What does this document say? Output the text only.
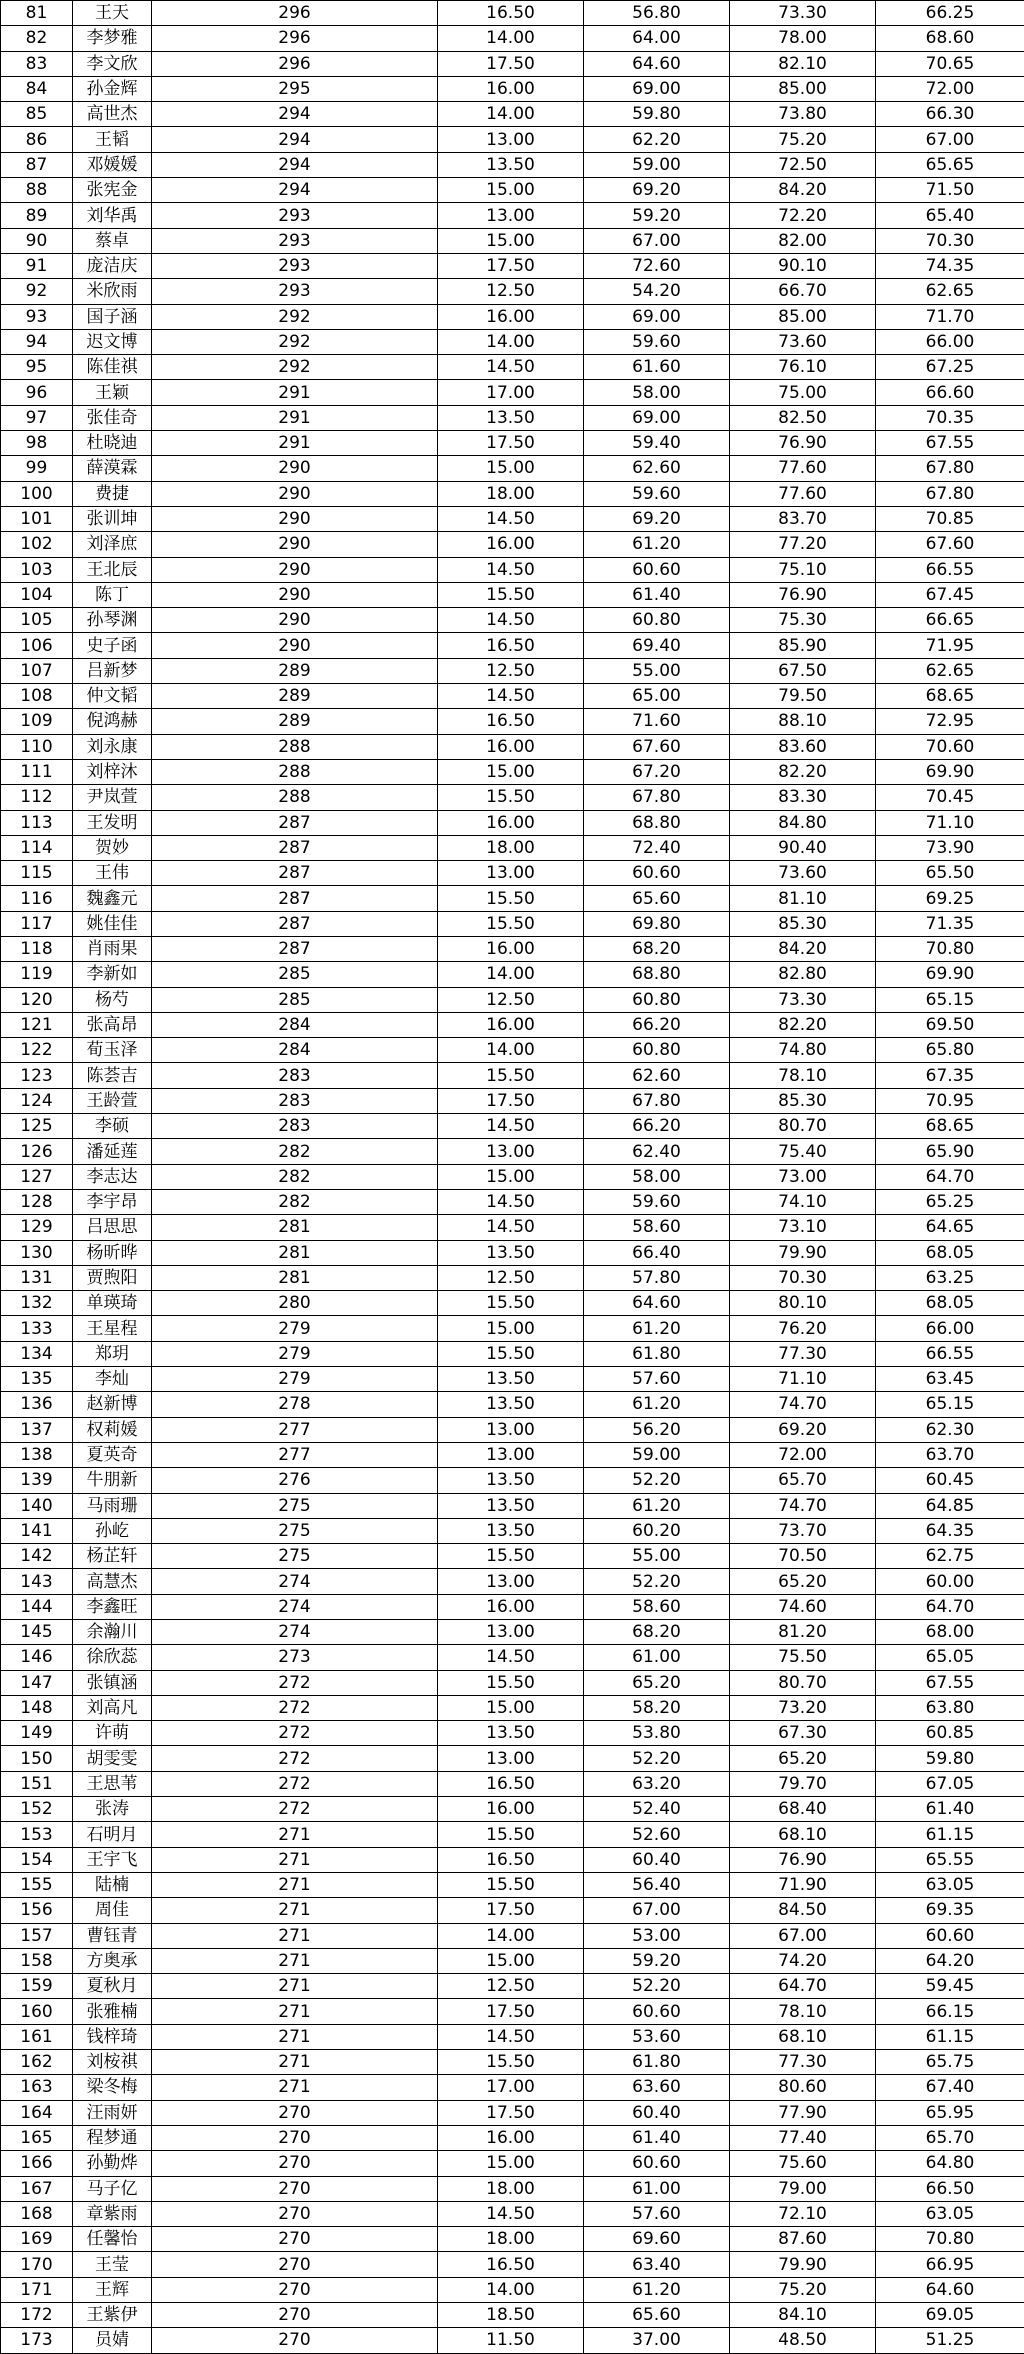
81	王天	296	16.50	56.80	73.30	66.25
82	李梦雅	296	14.00	64.00	78.00	68.60
83	李文欣	296	17.50	64.60	82.10	70.65
84	孙金辉	295	16.00	69.00	85.00	72.00
85	高世杰	294	14.00	59.80	73.80	66.30
86	王韬	294	13.00	62.20	75.20	67.00
87	邓媛媛	294	13.50	59.00	72.50	65.65
88	张宪金	294	15.00	69.20	84.20	71.50
89	刘华禹	293	13.00	59.20	72.20	65.40
90	蔡卓	293	15.00	67.00	82.00	70.30
91	庞洁庆	293	17.50	72.60	90.10	74.35
92	米欣雨	293	12.50	54.20	66.70	62.65
93	国子涵	292	16.00	69.00	85.00	71.70
94	迟文博	292	14.00	59.60	73.60	66.00
95	陈佳祺	292	14.50	61.60	76.10	67.25
96	王颖	291	17.00	58.00	75.00	66.60
97	张佳奇	291	13.50	69.00	82.50	70.35
98	杜晓迪	291	17.50	59.40	76.90	67.55
99	薛漠霖	290	15.00	62.60	77.60	67.80
100	费捷	290	18.00	59.60	77.60	67.80
101	张训坤	290	14.50	69.20	83.70	70.85
102	刘泽庶	290	16.00	61.20	77.20	67.60
103	王北辰	290	14.50	60.60	75.10	66.55
104	陈丁	290	15.50	61.40	76.90	67.45
105	孙琴渊	290	14.50	60.80	75.30	66.65
106	史子函	290	16.50	69.40	85.90	71.95
107	吕新梦	289	12.50	55.00	67.50	62.65
108	仲文韬	289	14.50	65.00	79.50	68.65
109	倪鸿赫	289	16.50	71.60	88.10	72.95
110	刘永康	288	16.00	67.60	83.60	70.60
111	刘梓沐	288	15.00	67.20	82.20	69.90
112	尹岚萱	288	15.50	67.80	83.30	70.45
113	王发明	287	16.00	68.80	84.80	71.10
114	贺妙	287	18.00	72.40	90.40	73.90
115	王伟	287	13.00	60.60	73.60	65.50
116	魏鑫元	287	15.50	65.60	81.10	69.25
117	姚佳佳	287	15.50	69.80	85.30	71.35
118	肖雨果	287	16.00	68.20	84.20	70.80
119	李新如	285	14.00	68.80	82.80	69.90
120	杨芍	285	12.50	60.80	73.30	65.15
121	张高昂	284	16.00	66.20	82.20	69.50
122	荀玉泽	284	14.00	60.80	74.80	65.80
123	陈荟吉	283	15.50	62.60	78.10	67.35
124	王龄萱	283	17.50	67.80	85.30	70.95
125	李硕	283	14.50	66.20	80.70	68.65
126	潘延莲	282	13.00	62.40	75.40	65.90
127	李志达	282	15.00	58.00	73.00	64.70
128	李宇昂	282	14.50	59.60	74.10	65.25
129	吕思思	281	14.50	58.60	73.10	64.65
130	杨昕晔	281	13.50	66.40	79.90	68.05
131	贾煦阳	281	12.50	57.80	70.30	63.25
132	单瑛琦	280	15.50	64.60	80.10	68.05
133	王星程	279	15.00	61.20	76.20	66.00
134	郑玥	279	15.50	61.80	77.30	66.55
135	李灿	279	13.50	57.60	71.10	63.45
136	赵新博	278	13.50	61.20	74.70	65.15
137	权莉媛	277	13.00	56.20	69.20	62.30
138	夏英奇	277	13.00	59.00	72.00	63.70
139	牛朋新	276	13.50	52.20	65.70	60.45
140	马雨珊	275	13.50	61.20	74.70	64.85
141	孙屹	275	13.50	60.20	73.70	64.35
142	杨芷轩	275	15.50	55.00	70.50	62.75
143	高慧杰	274	13.00	52.20	65.20	60.00
144	李鑫旺	274	16.00	58.60	74.60	64.70
145	余瀚川	274	13.00	68.20	81.20	68.00
146	徐欣蕊	273	14.50	61.00	75.50	65.05
147	张镇涵	272	15.50	65.20	80.70	67.55
148	刘高凡	272	15.00	58.20	73.20	63.80
149	许萌	272	13.50	53.80	67.30	60.85
150	胡雯雯	272	13.00	52.20	65.20	59.80
151	王思苇	272	16.50	63.20	79.70	67.05
152	张涛	272	16.00	52.40	68.40	61.40
153	石明月	271	15.50	52.60	68.10	61.15
154	王宇飞	271	16.50	60.40	76.90	65.55
155	陆楠	271	15.50	56.40	71.90	63.05
156	周佳	271	17.50	67.00	84.50	69.35
157	曹钰青	271	14.00	53.00	67.00	60.60
158	方奥承	271	15.00	59.20	74.20	64.20
159	夏秋月	271	12.50	52.20	64.70	59.45
160	张雅楠	271	17.50	60.60	78.10	66.15
161	钱梓琦	271	14.50	53.60	68.10	61.15
162	刘桉祺	271	15.50	61.80	77.30	65.75
163	梁冬梅	271	17.00	63.60	80.60	67.40
164	汪雨妍	270	17.50	60.40	77.90	65.95
165	程梦通	270	16.00	61.40	77.40	65.70
166	孙勤烨	270	15.00	60.60	75.60	64.80
167	马子亿	270	18.00	61.00	79.00	66.50
168	章紫雨	270	14.50	57.60	72.10	63.05
169	任馨怡	270	18.00	69.60	87.60	70.80
170	王莹	270	16.50	63.40	79.90	66.95
171	王辉	270	14.00	61.20	75.20	64.60
172	王紫伊	270	18.50	65.60	84.10	69.05
173	员婧	270	11.50	37.00	48.50	51.25
